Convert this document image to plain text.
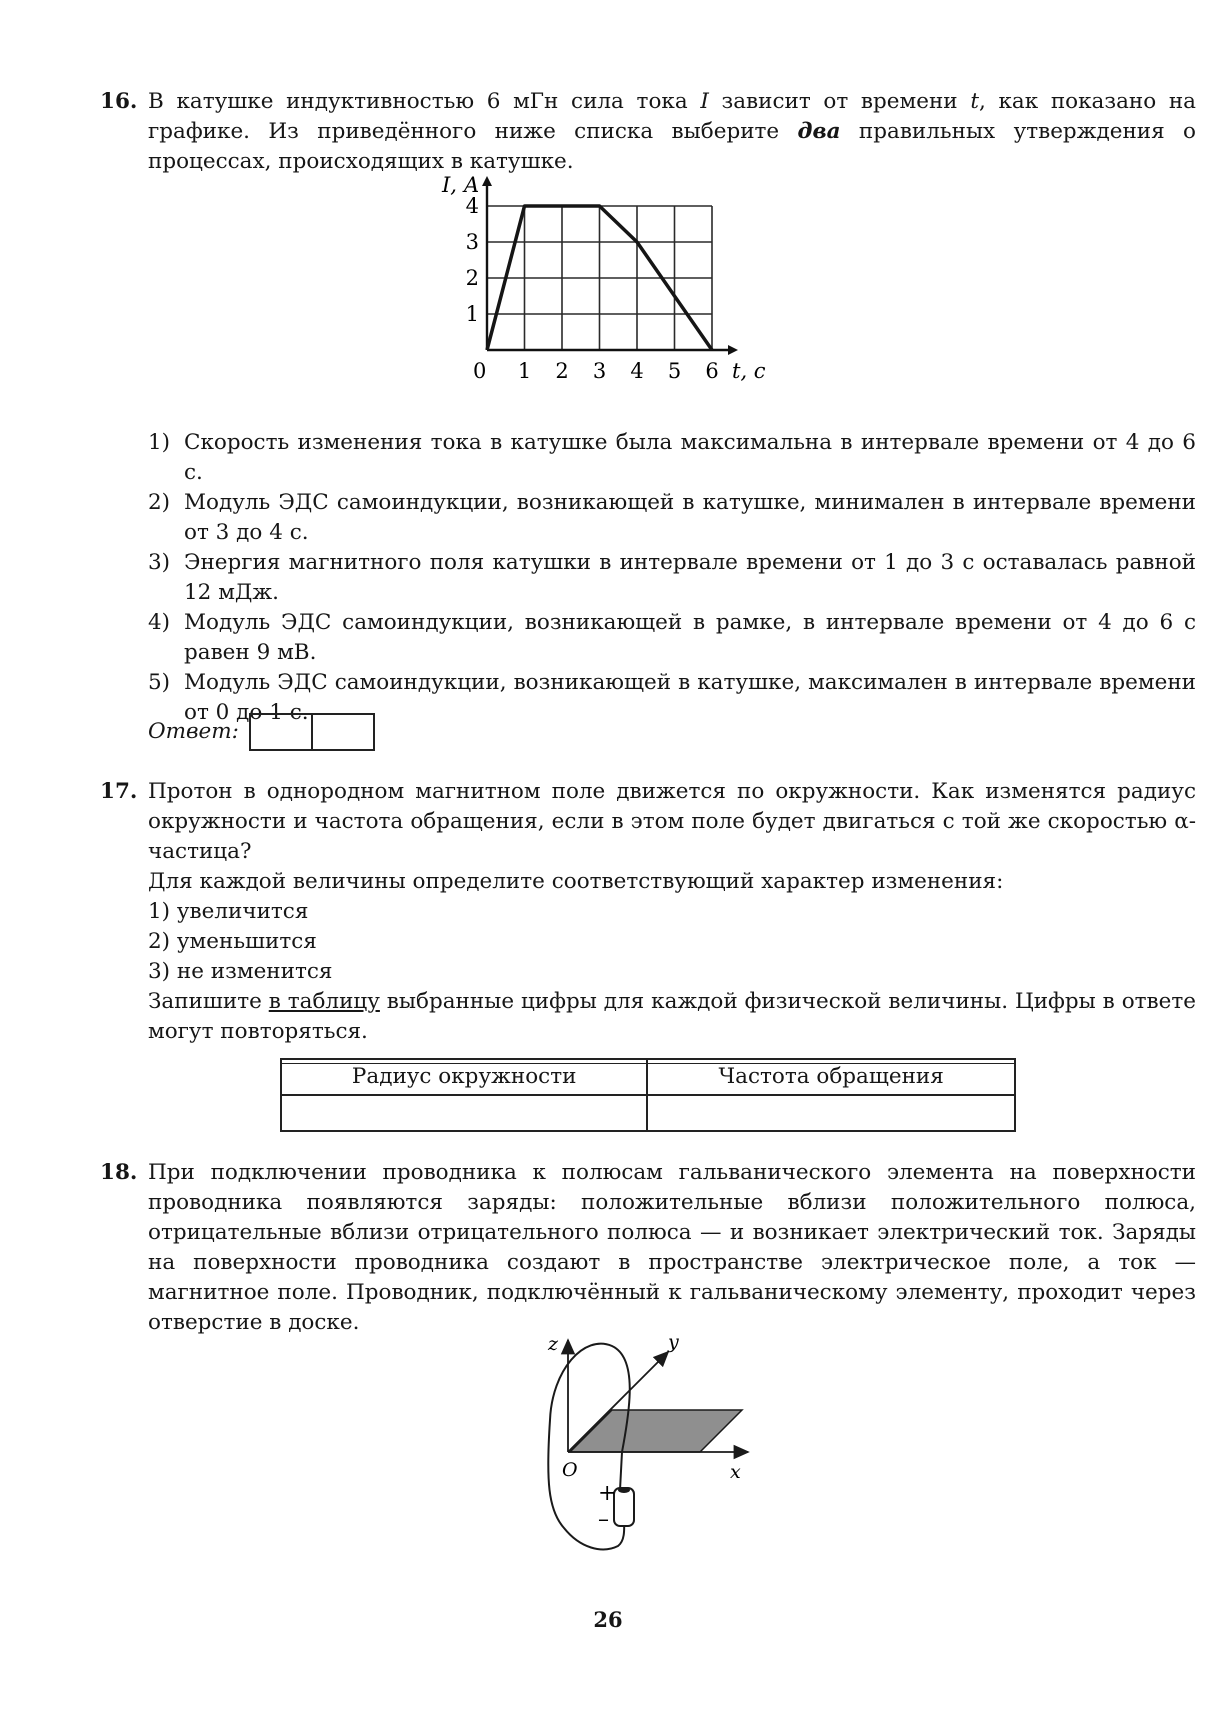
16. В катушке индуктивностью 6 мГн сила тока I зависит от времени t, как показано на графике. Из приведённого ниже списка выберите два правильных утверждения о процессах, происходящих в катушке.

1 2 3 4 5 6
1
2
3
4
0	t, с
I, А
1) Скорость изменения тока в катушке была максимальна в интервале времени от 4 до 6 с.
2) Модуль ЭДС самоиндукции, возникающей в катушке, минимален в интервале времени от 3 до 4 с.
3) Энергия магнитного поля катушки в интервале времени от 1 до 3 с оставалась равной 12 мДж.
4) Модуль ЭДС самоиндукции, возникающей в рамке, в интервале времени от 4 до 6 с равен 9 мВ.
5) Модуль ЭДС самоиндукции, возникающей в катушке, максимален в интервале времени от 0 до 1 с.
Ответ:
17. Протон в однородном магнитном поле движется по окружности. Как изменятся радиус окружности и частота обращения, если в этом поле будет двигаться с той же скоростью α-частица?

Для каждой величины определите соответствующий характер изменения:

1) увеличится

2) уменьшится

3) не изменится

Запишите в таблицу выбранные цифры для каждой физической величины. Цифры в ответе могут повторяться.

Радиус окружности	Частота обращения

18. При подключении проводника к полюсам гальванического элемента на поверхности проводника появляются заряды: положительные вблизи положительного полюса, отрицательные вблизи отрицательного полюса — и возникает электрический ток. Заряды на поверхности проводника создают в пространстве электрическое поле, а ток — магнитное поле. Проводник, подключённый к гальваническому элементу, проходит через отверстие в доске.

z	y
x
O
+
–
26
